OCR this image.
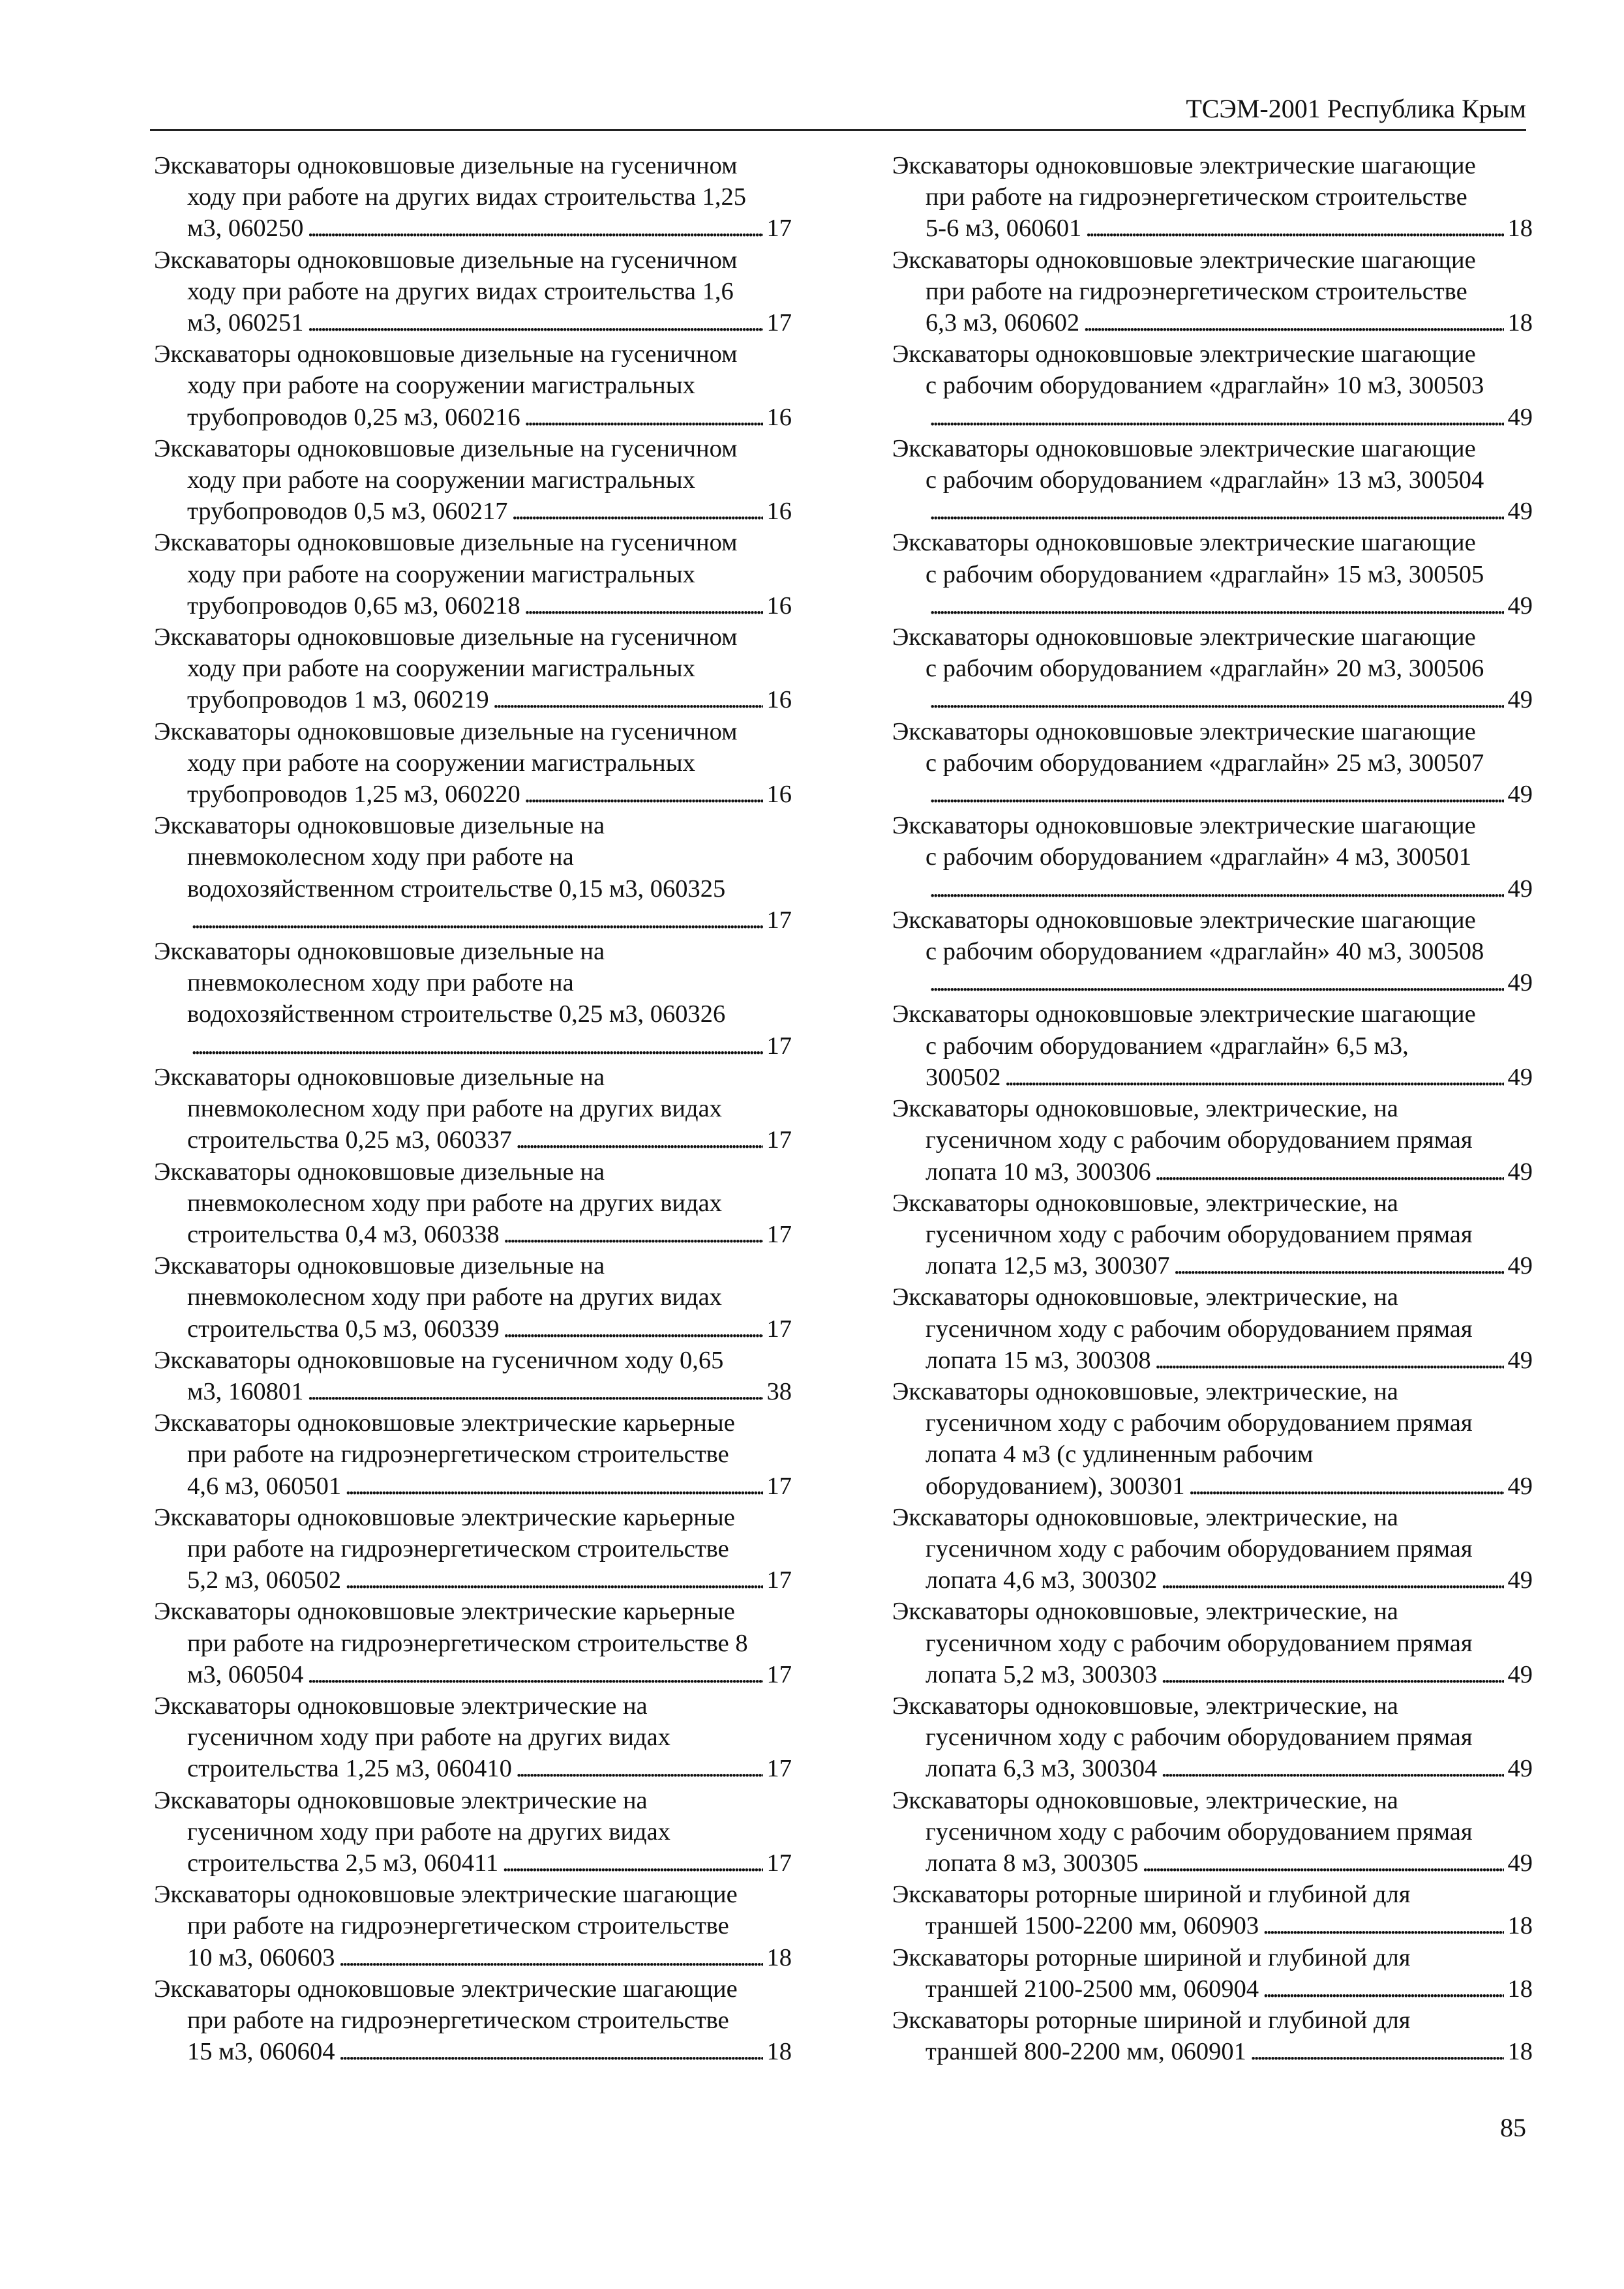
ТСЭМ-2001 Республика Крым
Экскаваторы одноковшовые дизельные на гусеничном
ходу при работе на других видах строительства 1,25

м3, 060250 . . .	17
Экскаваторы одноковшовые дизельные на гусеничном
ходу при работе на других видах строительства 1,6

м3, 060251 . . .	17
Экскаваторы одноковшовые дизельные на гусеничном
ходу при работе на сооружении магистральных

трубопроводов 0,25 м3, 060216 . . .	16
Экскаваторы одноковшовые дизельные на гусеничном
ходу при работе на сооружении магистральных

трубопроводов 0,5 м3, 060217 . . .	16
Экскаваторы одноковшовые дизельные на гусеничном
ходу при работе на сооружении магистральных

трубопроводов 0,65 м3, 060218 . . .	16
Экскаваторы одноковшовые дизельные на гусеничном
ходу при работе на сооружении магистральных

трубопроводов 1 м3, 060219 . . .	16
Экскаваторы одноковшовые дизельные на гусеничном
ходу при работе на сооружении магистральных

трубопроводов 1,25 м3, 060220 . . .	16
Экскаваторы одноковшовые дизельные на
пневмоколесном ходу при работе на
водохозяйственном строительстве 0,15 м3, 060325

. . .
17
Экскаваторы одноковшовые дизельные на
пневмоколесном ходу при работе на
водохозяйственном строительстве 0,25 м3, 060326

. . .
17
Экскаваторы одноковшовые дизельные на
пневмоколесном ходу при работе на других видах

строительства 0,25 м3, 060337 . . .	17
Экскаваторы одноковшовые дизельные на
пневмоколесном ходу при работе на других видах

строительства 0,4 м3, 060338 . . .	17
Экскаваторы одноковшовые дизельные на
пневмоколесном ходу при работе на других видах

строительства 0,5 м3, 060339 . . .	17
Экскаваторы одноковшовые на гусеничном ходу 0,65

м3, 160801 . . .	38
Экскаваторы одноковшовые электрические карьерные
при работе на гидроэнергетическом строительстве

4,6 м3, 060501 . . .	17
Экскаваторы одноковшовые электрические карьерные
при работе на гидроэнергетическом строительстве

5,2 м3, 060502 . . .	17
Экскаваторы одноковшовые электрические карьерные
при работе на гидроэнергетическом строительстве 8

м3, 060504 . . .	17
Экскаваторы одноковшовые электрические на
гусеничном ходу при работе на других видах

строительства 1,25 м3, 060410 . . .	17
Экскаваторы одноковшовые электрические на
гусеничном ходу при работе на других видах

строительства 2,5 м3, 060411 . . .	17
Экскаваторы одноковшовые электрические шагающие
при работе на гидроэнергетическом строительстве

10 м3, 060603 . . .	18
Экскаваторы одноковшовые электрические шагающие
при работе на гидроэнергетическом строительстве

15 м3, 060604 . . .	18
Экскаваторы одноковшовые электрические шагающие
при работе на гидроэнергетическом строительстве

5-6 м3, 060601 . . .	18
Экскаваторы одноковшовые электрические шагающие
при работе на гидроэнергетическом строительстве

6,3 м3, 060602 . . .	18
Экскаваторы одноковшовые электрические шагающие
с рабочим оборудованием «драглайн» 10 м3, 300503

. . .
49
Экскаваторы одноковшовые электрические шагающие
с рабочим оборудованием «драглайн» 13 м3, 300504

. . .
49
Экскаваторы одноковшовые электрические шагающие
с рабочим оборудованием «драглайн» 15 м3, 300505

. . .
49
Экскаваторы одноковшовые электрические шагающие
с рабочим оборудованием «драглайн» 20 м3, 300506

. . .
49
Экскаваторы одноковшовые электрические шагающие
с рабочим оборудованием «драглайн» 25 м3, 300507

. . .
49
Экскаваторы одноковшовые электрические шагающие
с рабочим оборудованием «драглайн» 4 м3, 300501

. . .
49
Экскаваторы одноковшовые электрические шагающие
с рабочим оборудованием «драглайн» 40 м3, 300508

. . .
49
Экскаваторы одноковшовые электрические шагающие
с рабочим оборудованием «драглайн» 6,5 м3,

300502 . . .	49
Экскаваторы одноковшовые, электрические, на
гусеничном ходу с рабочим оборудованием прямая

лопата 10 м3, 300306 . . .	49
Экскаваторы одноковшовые, электрические, на
гусеничном ходу с рабочим оборудованием прямая

лопата 12,5 м3, 300307 . . .	49
Экскаваторы одноковшовые, электрические, на
гусеничном ходу с рабочим оборудованием прямая

лопата 15 м3, 300308 . . .	49
Экскаваторы одноковшовые, электрические, на
гусеничном ходу с рабочим оборудованием прямая
лопата 4 м3 (с удлиненным рабочим

оборудованием), 300301 . . .	49
Экскаваторы одноковшовые, электрические, на
гусеничном ходу с рабочим оборудованием прямая

лопата 4,6 м3, 300302 . . .	49
Экскаваторы одноковшовые, электрические, на
гусеничном ходу с рабочим оборудованием прямая

лопата 5,2 м3, 300303 . . .	49
Экскаваторы одноковшовые, электрические, на
гусеничном ходу с рабочим оборудованием прямая

лопата 6,3 м3, 300304 . . .	49
Экскаваторы одноковшовые, электрические, на
гусеничном ходу с рабочим оборудованием прямая

лопата 8 м3, 300305 . . .	49
Экскаваторы роторные шириной и глубиной для

траншей 1500-2200 мм, 060903 . . .	18
Экскаваторы роторные шириной и глубиной для

траншей 2100-2500 мм, 060904 . . .	18
Экскаваторы роторные шириной и глубиной для

траншей 800-2200 мм, 060901 . . .	18
85
